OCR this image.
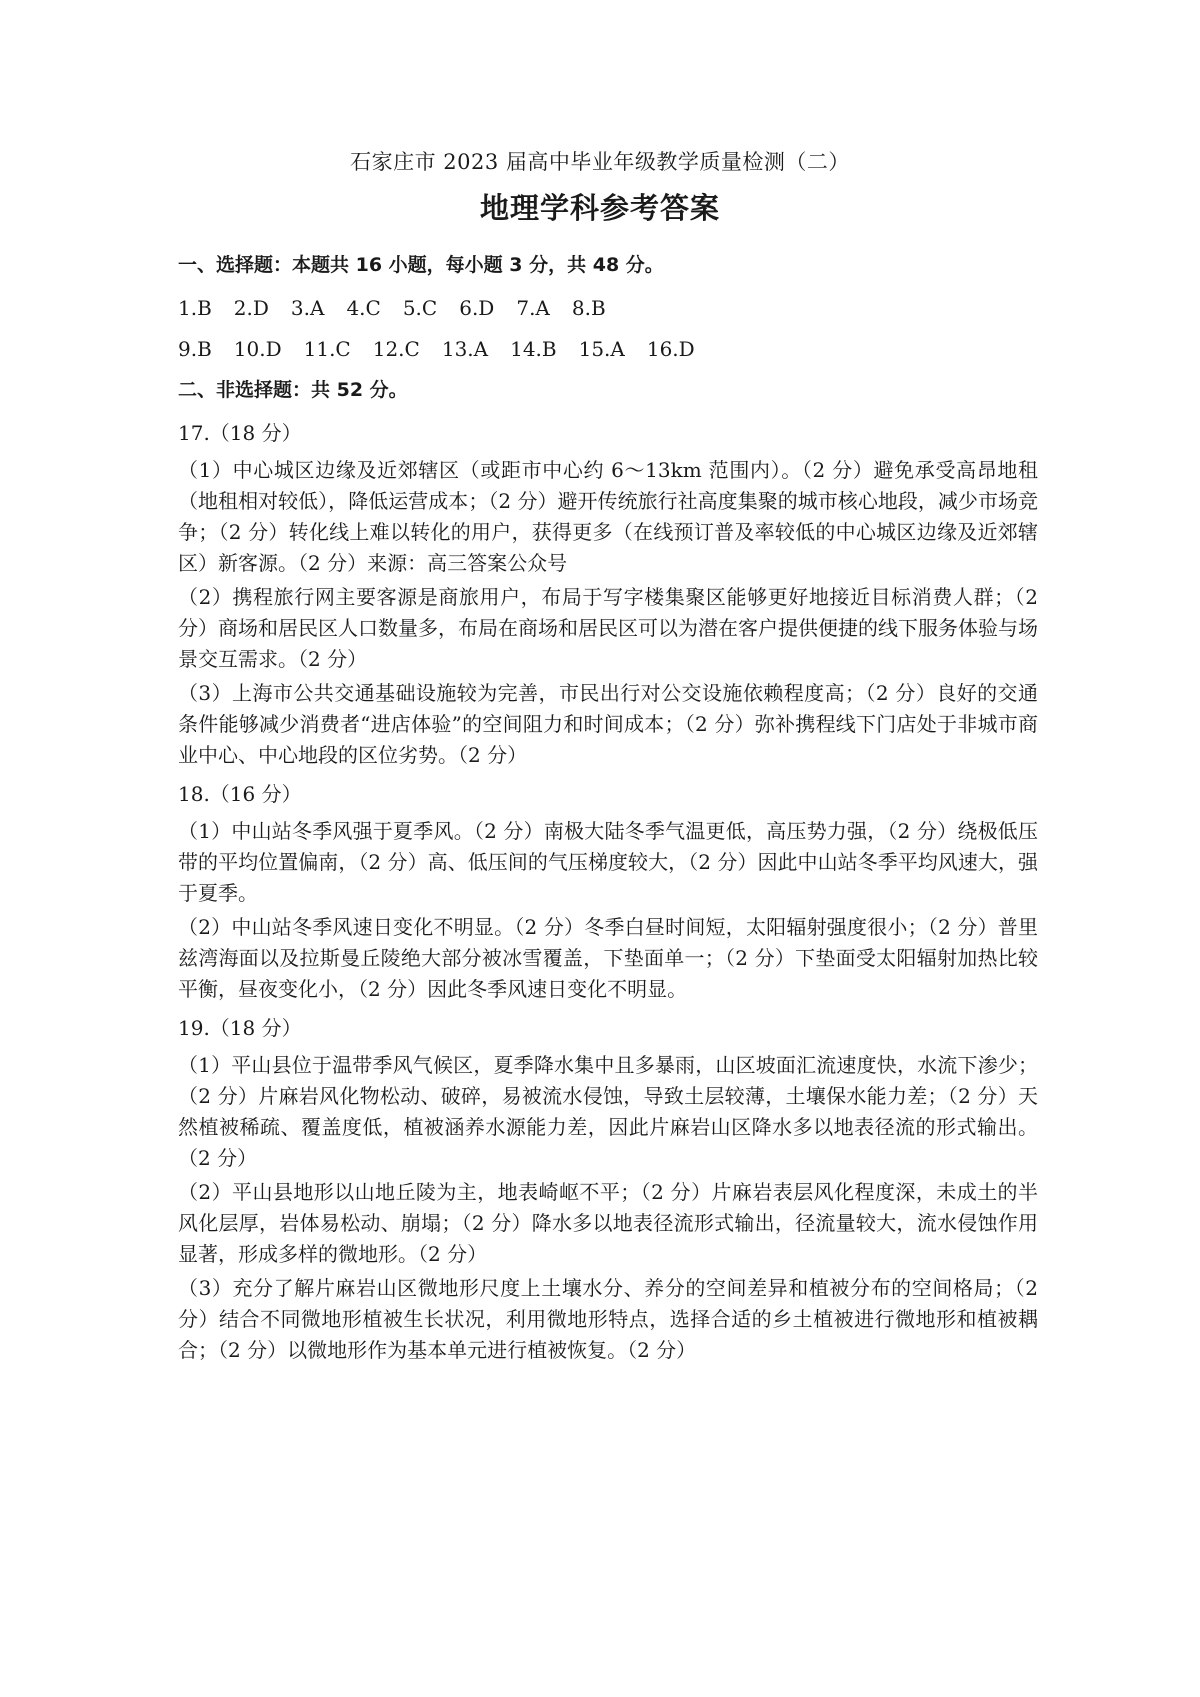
石家庄市 2023 届高中毕业年级教学质量检测（二）
地理学科参考答案
一、选择题：本题共 16 小题，每小题 3 分，共 48 分。
1.B 2.D 3.A 4.C 5.C 6.D 7.A 8.B
9.B 10.D 11.C 12.C 13.A 14.B 15.A 16.D
二、非选择题：共 52 分。
17.（18 分）
（1）中心城区边缘及近郊辖区（或距市中心约 6～13km 范围内）。（2 分）避免承受高昂地租（地租相对较低），降低运营成本；（2 分）避开传统旅行社高度集聚的城市核心地段，减少市场竞争；（2 分）转化线上难以转化的用户，获得更多（在线预订普及率较低的中心城区边缘及近郊辖区）新客源。（2 分）来源：高三答案公众号
（2）携程旅行网主要客源是商旅用户，布局于写字楼集聚区能够更好地接近目标消费人群；（2 分）商场和居民区人口数量多，布局在商场和居民区可以为潜在客户提供便捷的线下服务体验与场景交互需求。（2 分）
（3）上海市公共交通基础设施较为完善，市民出行对公交设施依赖程度高；（2 分）良好的交通条件能够减少消费者“进店体验”的空间阻力和时间成本；（2 分）弥补携程线下门店处于非城市商业中心、中心地段的区位劣势。（2 分）
18.（16 分）
（1）中山站冬季风强于夏季风。（2 分）南极大陆冬季气温更低，高压势力强，（2 分）绕极低压带的平均位置偏南，（2 分）高、低压间的气压梯度较大，（2 分）因此中山站冬季平均风速大，强于夏季。
（2）中山站冬季风速日变化不明显。（2 分）冬季白昼时间短，太阳辐射强度很小；（2 分）普里兹湾海面以及拉斯曼丘陵绝大部分被冰雪覆盖，下垫面单一；（2 分）下垫面受太阳辐射加热比较平衡，昼夜变化小，（2 分）因此冬季风速日变化不明显。
19.（18 分）
（1）平山县位于温带季风气候区，夏季降水集中且多暴雨，山区坡面汇流速度快，水流下渗少；（2 分）片麻岩风化物松动、破碎，易被流水侵蚀，导致土层较薄，土壤保水能力差；（2 分）天然植被稀疏、覆盖度低，植被涵养水源能力差，因此片麻岩山区降水多以地表径流的形式输出。（2 分）
（2）平山县地形以山地丘陵为主，地表崎岖不平；（2 分）片麻岩表层风化程度深，未成土的半风化层厚，岩体易松动、崩塌；（2 分）降水多以地表径流形式输出，径流量较大，流水侵蚀作用显著，形成多样的微地形。（2 分）
（3）充分了解片麻岩山区微地形尺度上土壤水分、养分的空间差异和植被分布的空间格局；（2 分）结合不同微地形植被生长状况，利用微地形特点，选择合适的乡土植被进行微地形和植被耦合；（2 分）以微地形作为基本单元进行植被恢复。（2 分）
